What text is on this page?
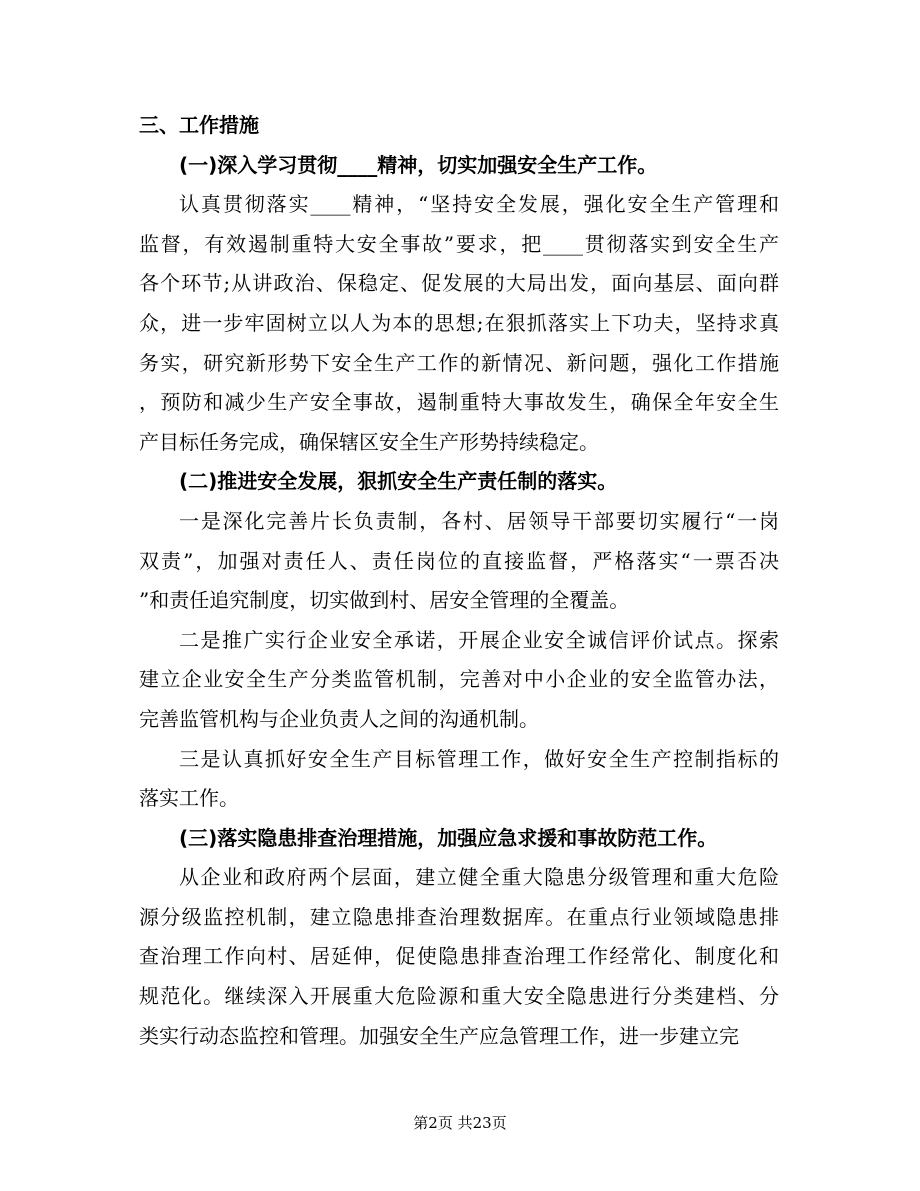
三、工作措施
(一)深入学习贯彻____精神，切实加强安全生产工作。
认真贯彻落实____精神，“坚持安全发展，强化安全生产管理和
监督，有效遏制重特大安全事故”要求，把____贯彻落实到安全生产
各个环节;从讲政治、保稳定、促发展的大局出发，面向基层、面向群
众，进一步牢固树立以人为本的思想;在狠抓落实上下功夫，坚持求真
务实，研究新形势下安全生产工作的新情况、新问题，强化工作措施
，预防和减少生产安全事故，遏制重特大事故发生，确保全年安全生
产目标任务完成，确保辖区安全生产形势持续稳定。
(二)推进安全发展，狠抓安全生产责任制的落实。
一是深化完善片长负责制，各村、居领导干部要切实履行“一岗
双责”，加强对责任人、责任岗位的直接监督，严格落实“一票否决
”和责任追究制度，切实做到村、居安全管理的全覆盖。
二是推广实行企业安全承诺，开展企业安全诚信评价试点。探索
建立企业安全生产分类监管机制，完善对中小企业的安全监管办法，
完善监管机构与企业负责人之间的沟通机制。
三是认真抓好安全生产目标管理工作，做好安全生产控制指标的
落实工作。
(三)落实隐患排查治理措施，加强应急求援和事故防范工作。
从企业和政府两个层面，建立健全重大隐患分级管理和重大危险
源分级监控机制，建立隐患排查治理数据库。在重点行业领域隐患排
查治理工作向村、居延伸，促使隐患排查治理工作经常化、制度化和
规范化。继续深入开展重大危险源和重大安全隐患进行分类建档、分
类实行动态监控和管理。加强安全生产应急管理工作，进一步建立完
第2页 共23页
